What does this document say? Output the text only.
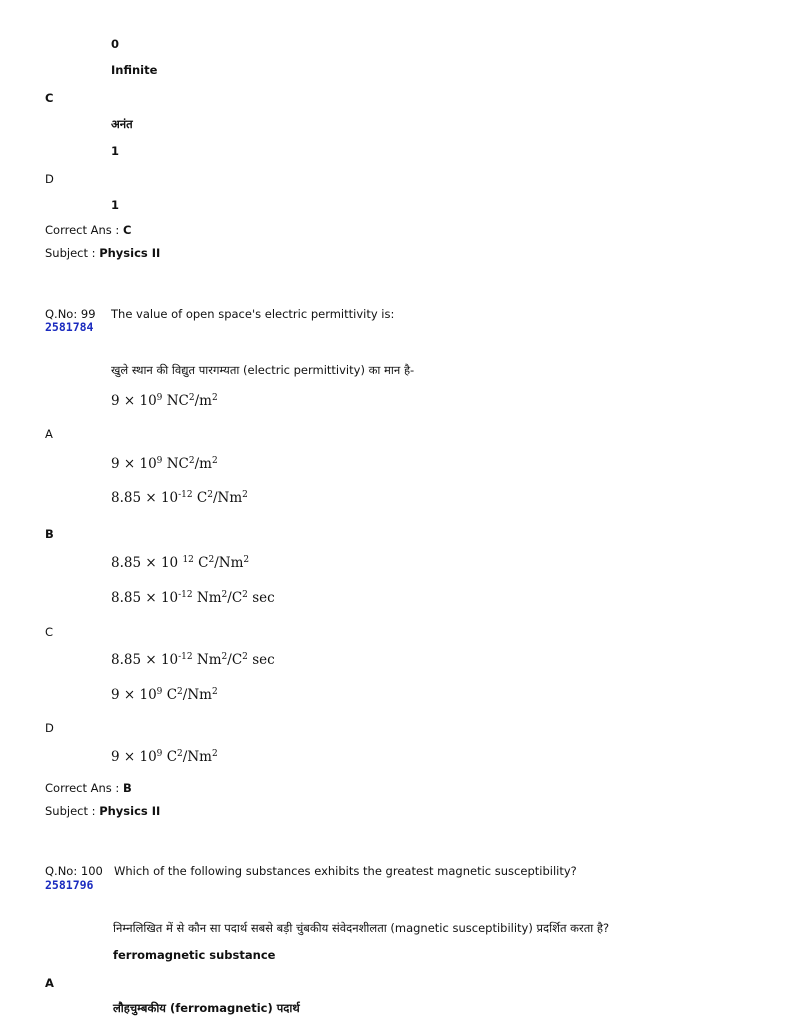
0
Infinite
C
अनंत
1
D
1
Correct Ans : C
Subject : Physics II
Q.No: 99
2581784
The value of open space's electric permittivity is:
खुले स्थान की विद्युत पारगम्यता (electric permittivity) का मान है-
$9 \times 10^9$ $NC^2/m^2$
A
$9 \times 10^9$ $NC^2/m^2$
$8.85 \times 10^{-12}$ $C^2/Nm^2$
B
8.85 × 10 $^{12}$ $C^2/Nm^2$
$8.85 \times 10^{-12}$ $Nm^2/C^2$ sec
C
$8.85 \times 10^{-12}$ $Nm^2/C^2$ sec
$9 \times 10^9$ $C^2/Nm^2$
D
$9 \times 10^9$ $C^2/Nm^2$
Correct Ans : B
Subject : Physics II
Q.No: 100
2581796
Which of the following substances exhibits the greatest magnetic susceptibility?
निम्नलिखित में से कौन सा पदार्थ सबसे बड़ी चुंबकीय संवेदनशीलता (magnetic susceptibility) प्रदर्शित करता है?
ferromagnetic substance
A
लौहचुम्बकीय (ferromagnetic) पदार्थ
